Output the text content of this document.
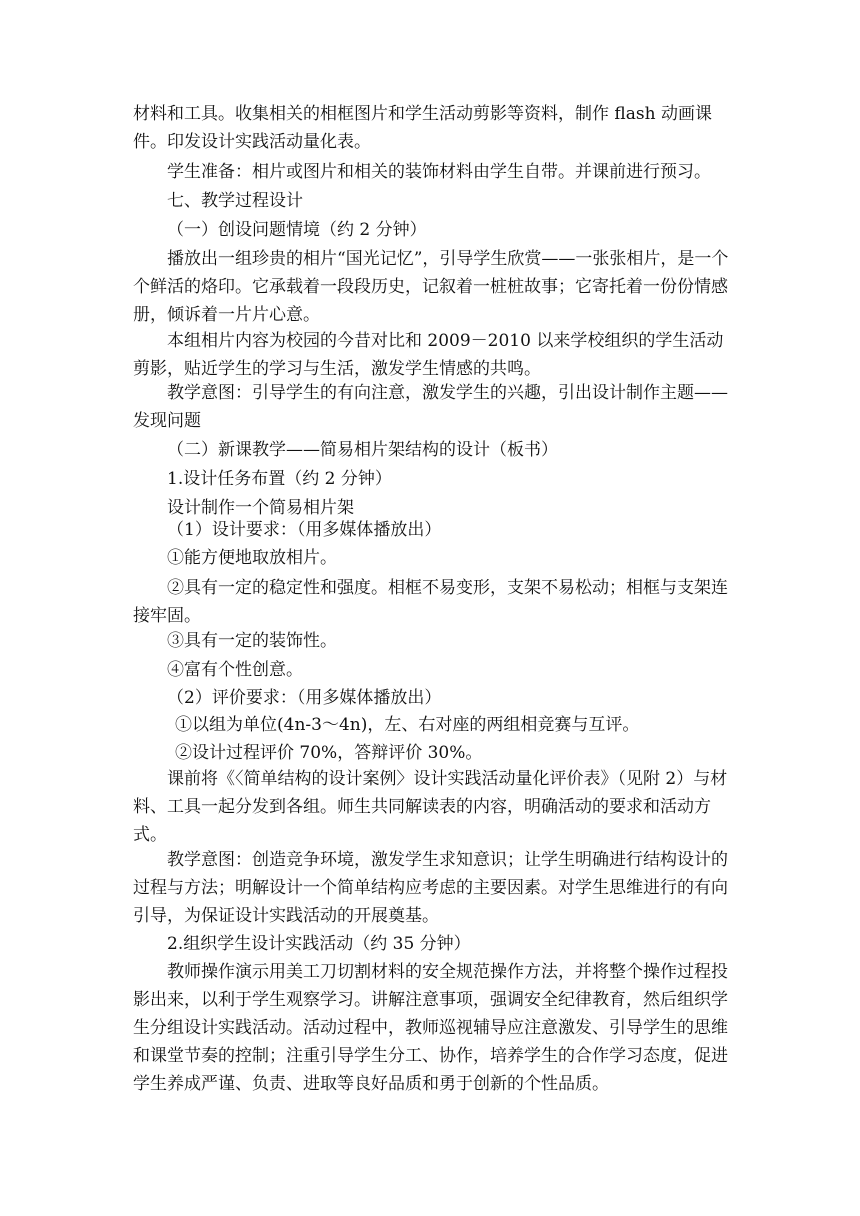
材料和工具。收集相关的相框图片和学生活动剪影等资料，制作 flash 动画课件。印发设计实践活动量化表。

学生准备：相片或图片和相关的装饰材料由学生自带。并课前进行预习。

七、教学过程设计

（一）创设问题情境（约 2 分钟）

播放出一组珍贵的相片“国光记忆”，引导学生欣赏——一张张相片，是一个个鲜活的烙印。它承载着一段段历史，记叙着一桩桩故事；它寄托着一份份情感册，倾诉着一片片心意。

本组相片内容为校园的今昔对比和 2009－2010 以来学校组织的学生活动剪影，贴近学生的学习与生活，激发学生情感的共鸣。

教学意图：引导学生的有向注意，激发学生的兴趣，引出设计制作主题——发现问题

（二）新课教学——简易相片架结构的设计（板书）

1.设计任务布置（约 2 分钟）

设计制作一个简易相片架

（1）设计要求：（用多媒体播放出）

①能方便地取放相片。

②具有一定的稳定性和强度。相框不易变形，支架不易松动；相框与支架连接牢固。

③具有一定的装饰性。

④富有个性创意。

（2）评价要求：（用多媒体播放出）

①以组为单位(4n-3～4n)，左、右对座的两组相竞赛与互评。

②设计过程评价 70%，答辩评价 30%。

课前将《〈简单结构的设计案例〉设计实践活动量化评价表》（见附 2）与材料、工具一起分发到各组。师生共同解读表的内容，明确活动的要求和活动方式。

教学意图：创造竞争环境，激发学生求知意识；让学生明确进行结构设计的过程与方法；明解设计一个简单结构应考虑的主要因素。对学生思维进行的有向引导，为保证设计实践活动的开展奠基。

2.组织学生设计实践活动（约 35 分钟）

教师操作演示用美工刀切割材料的安全规范操作方法，并将整个操作过程投影出来，以利于学生观察学习。讲解注意事项，强调安全纪律教育，然后组织学生分组设计实践活动。活动过程中，教师巡视辅导应注意激发、引导学生的思维和课堂节奏的控制；注重引导学生分工、协作，培养学生的合作学习态度，促进学生养成严谨、负责、进取等良好品质和勇于创新的个性品质。
